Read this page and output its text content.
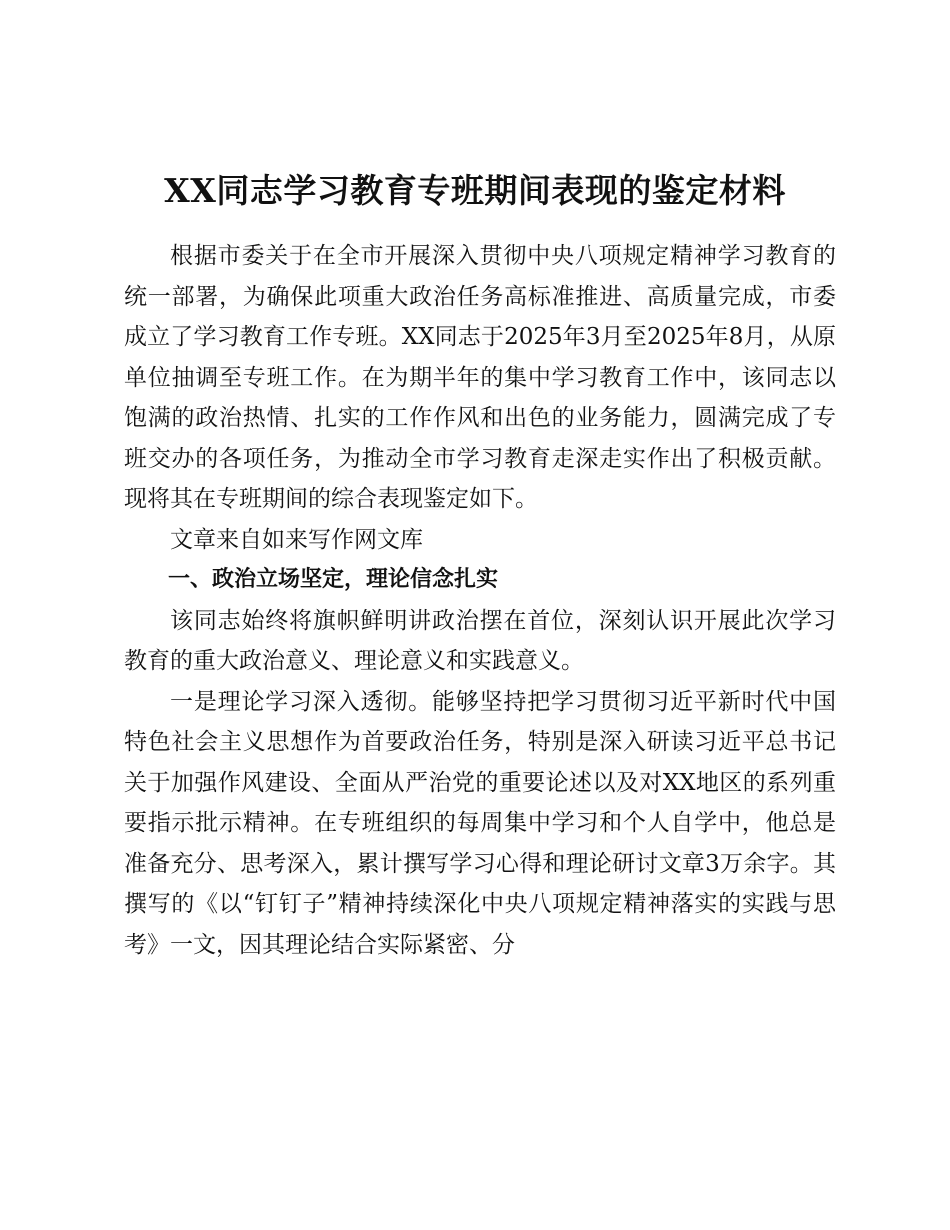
XX同志学习教育专班期间表现的鉴定材料

根据市委关于在全市开展深入贯彻中央八项规定精神学习教育的统一部署，为确保此项重大政治任务高标准推进、高质量完成，市委成立了学习教育工作专班。XX同志于2025年3月至2025年8月，从原单位抽调至专班工作。在为期半年的集中学习教育工作中，该同志以饱满的政治热情、扎实的工作作风和出色的业务能力，圆满完成了专班交办的各项任务，为推动全市学习教育走深走实作出了积极贡献。现将其在专班期间的综合表现鉴定如下。

文章来自如来写作网文库

一、政治立场坚定，理论信念扎实

该同志始终将旗帜鲜明讲政治摆在首位，深刻认识开展此次学习教育的重大政治意义、理论意义和实践意义。

一是理论学习深入透彻。能够坚持把学习贯彻习近平新时代中国特色社会主义思想作为首要政治任务，特别是深入研读习近平总书记关于加强作风建设、全面从严治党的重要论述以及对XX地区的系列重要指示批示精神。在专班组织的每周集中学习和个人自学中，他总是准备充分、思考深入，累计撰写学习心得和理论研讨文章3万余字。其撰写的《以“钉钉子”精神持续深化中央八项规定精神落实的实践与思考》一文，因其理论结合实际紧密、分
